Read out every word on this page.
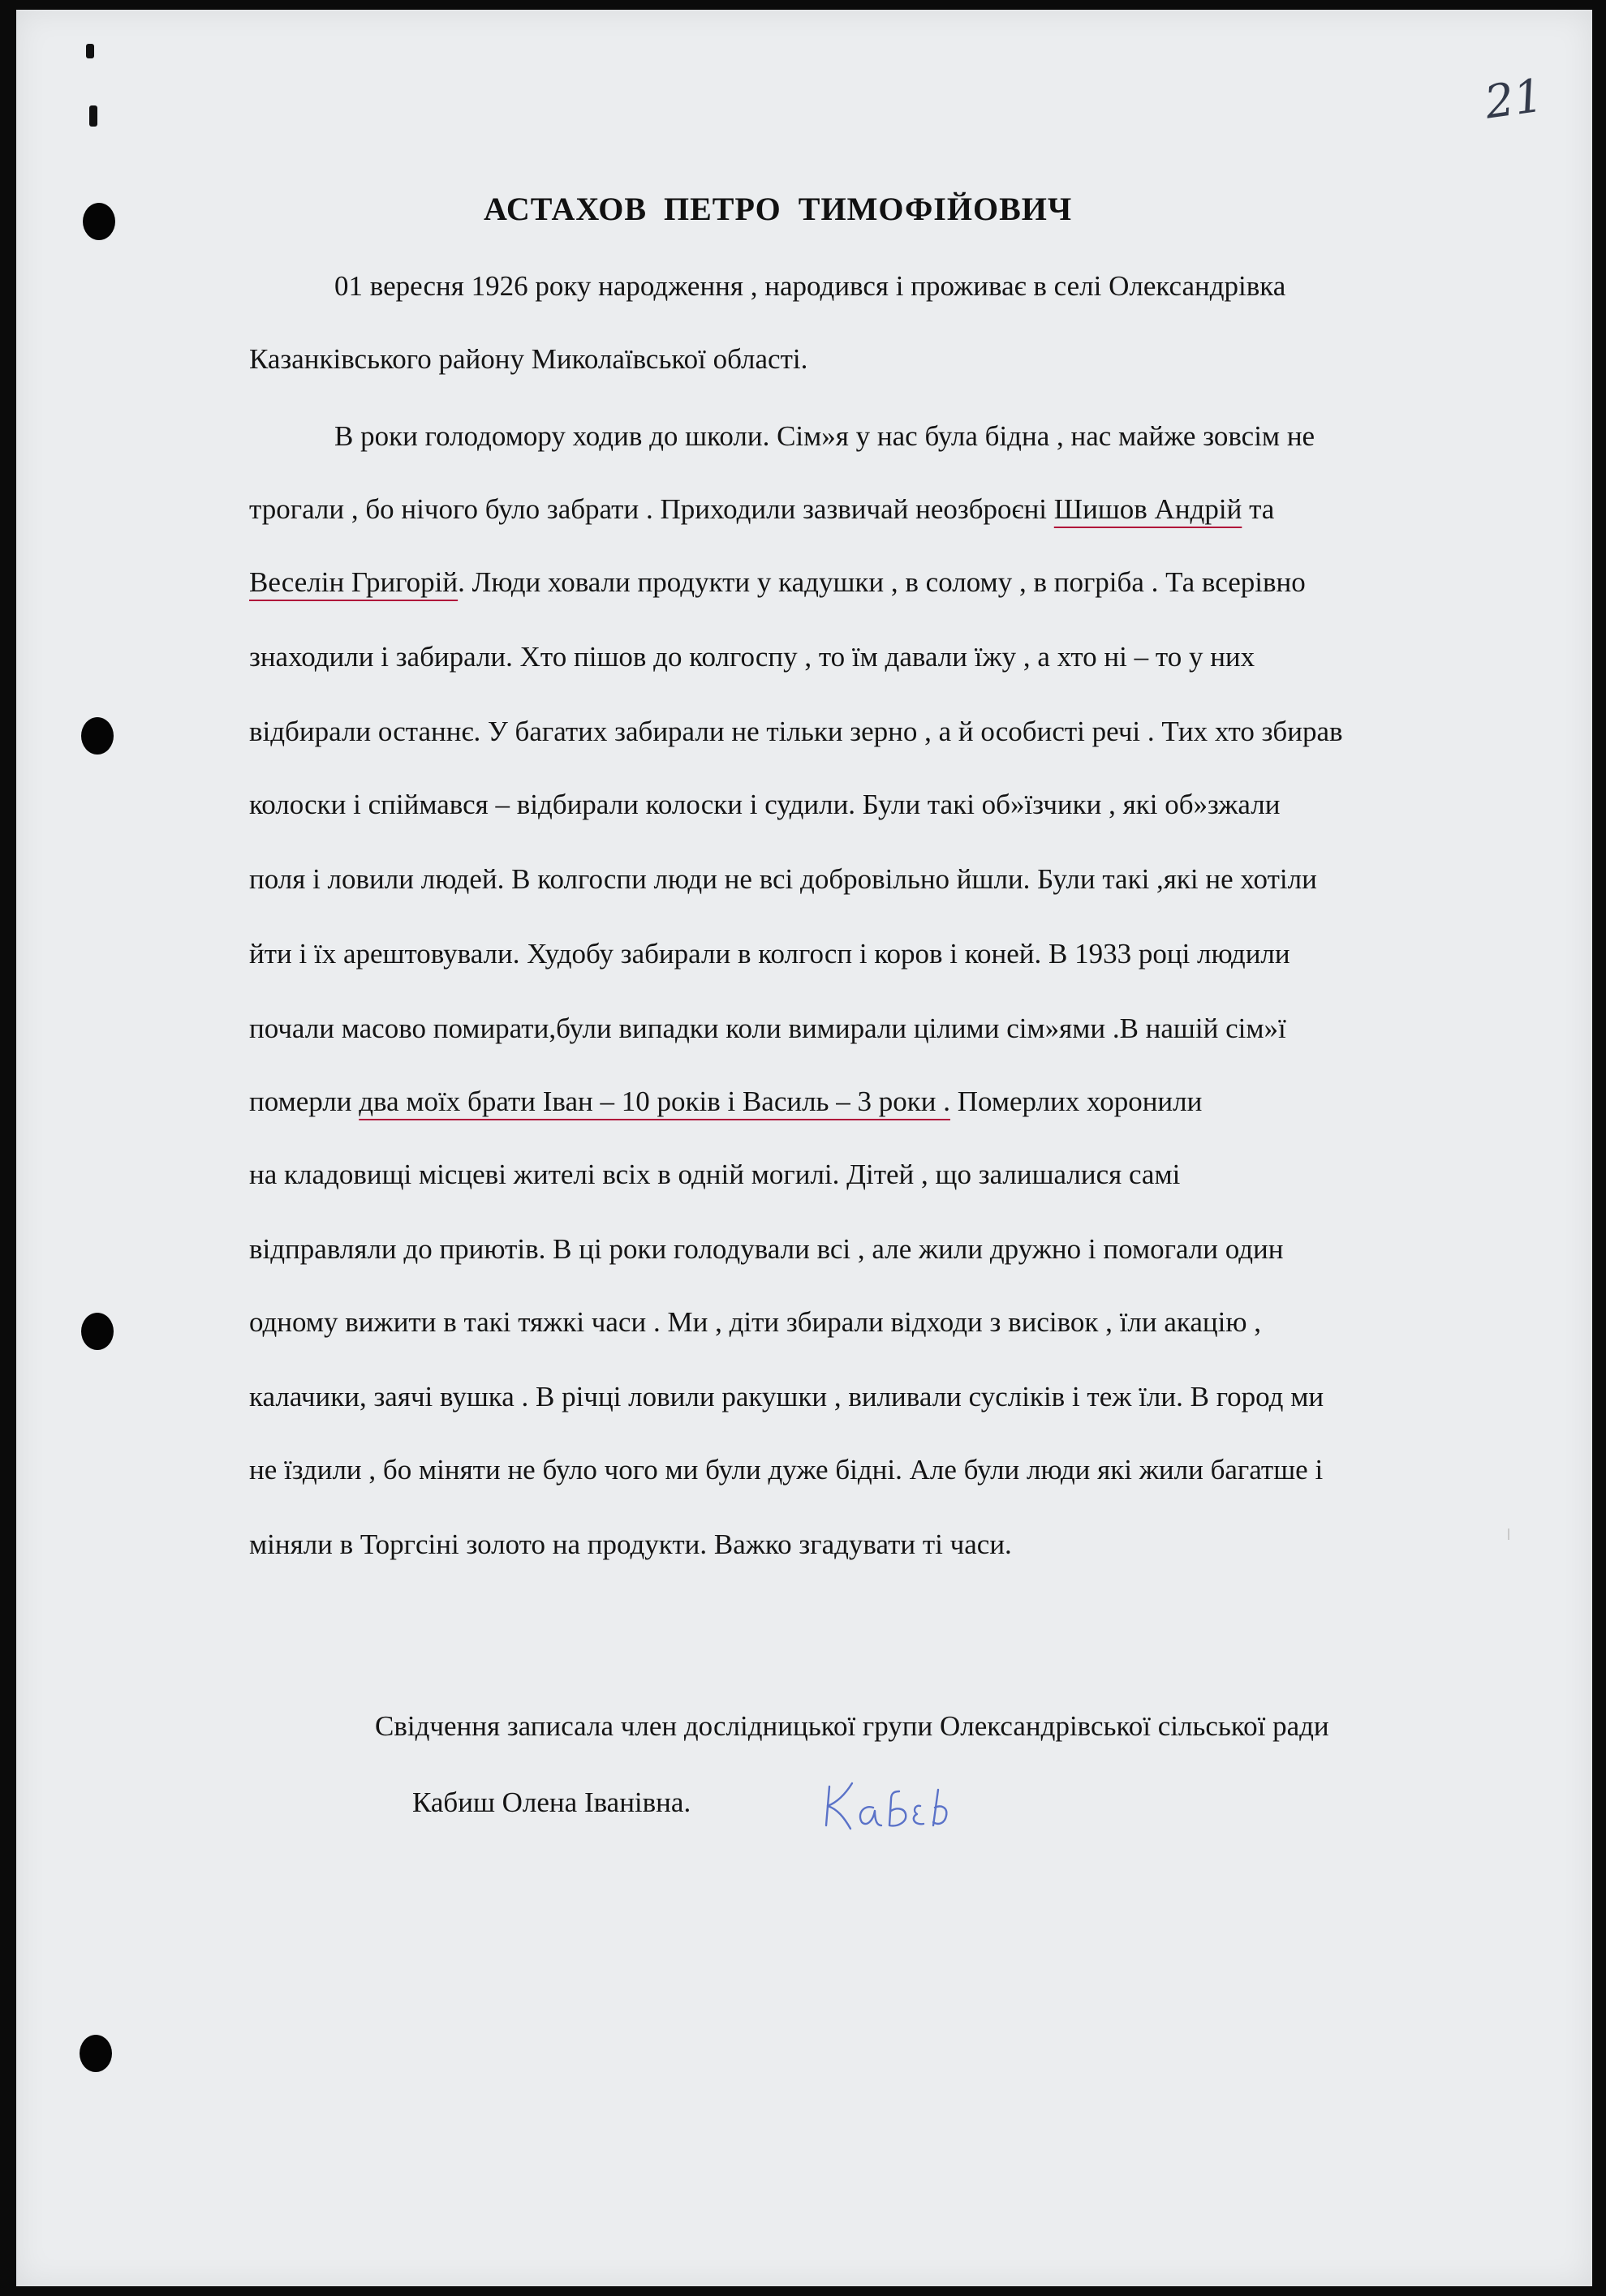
21
АСТАХОВ ПЕТРО ТИМОФІЙОВИЧ
01 вересня 1926 року народження , народився і проживає в селі Олександрівка
Казанківського району Миколаївської області.
В роки голодомору ходив до школи. Сім»я у нас була бідна , нас майже зовсім не
трогали , бо нічого було забрати . Приходили зазвичай неозброєні Шишов Андрій та
Веселін Григорій. Люди ховали продукти у кадушки , в солому , в погріба . Та всерівно
знаходили і забирали. Хто пішов до колгоспу , то їм давали їжу , а хто ні – то у них
відбирали останнє. У багатих забирали не тільки зерно , а й особисті речі . Тих хто збирав
колоски і спіймався – відбирали колоски і судили. Були такі об»їзчики , які об»зжали
поля і ловили людей. В колгоспи люди не всі добровільно йшли. Були такі ,які не хотіли
йти і їх арештовували. Худобу забирали в колгосп і коров і коней. В 1933 році людили
почали масово помирати,були випадки коли вимирали цілими сім»ями .В нашій сім»ї
померли два моїх брати Іван – 10 років і Василь – 3 роки . Померлих хоронили
на кладовищі місцеві жителі всіх в одній могилі. Дітей , що залишалися самі
відправляли до приютів. В ці роки голодували всі , але жили дружно і помогали один
одному вижити в такі тяжкі часи . Ми , діти збирали відходи з висівок , їли акацію ,
калачики, заячі вушка . В річці ловили ракушки , виливали сусліків і теж їли. В город ми
не їздили , бо міняти не було чого ми були дуже бідні. Але були люди які жили багатше і
міняли в Торгсіні золото на продукти. Важко згадувати ті часи.
Свідчення записала член дослідницької групи Олександрівської сільської ради
Кабиш Олена Іванівна.
